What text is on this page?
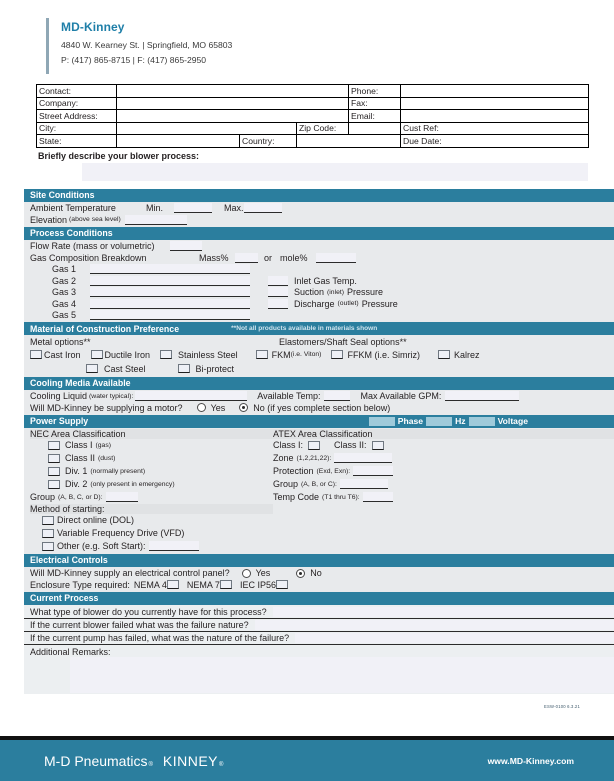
MD-Kinney
4840 W. Kearney St. | Springfield, MO 65803
P: (417) 865-8715 | F: (417) 865-2950
Contact:				Phone:		
Company:				Fax:		
Street Address:				Email:		
City:			Zip Code:		Cust Ref:	
State:		Country:			Due Date:	
Briefly describe your blower process:
Site Conditions
Ambient Temperature	Min.	Max.
Elevation (above sea level)
Process Conditions
Flow Rate (mass or volumetric)
Gas Composition Breakdown	Mass%	or mole%
Gas 1
Gas 2	Inlet Gas Temp.
Gas 3	Suction (inlet) Pressure
Gas 4	Discharge (outlet) Pressure
Gas 5
Material of Construction Preference	**Not all products available in materials shown
Metal options**	Elastomers/Shaft Seal options**
Cast Iron	Ductile Iron	Stainless Steel	FKM (i.e. Viton)	FFKM (i.e. Simriz)	Kalrez
Cast Steel	Bi-protect
Cooling Media Available
Cooling Liquid (water typical):	Available Temp:	Max Available GPM:
Will MD-Kinney be supplying a motor?	Yes	No (if yes complete section below)
Power Supply	Phase	Hz	Voltage
NEC Area Classification
Class I (gas)
Class II (dust)
Div. 1 (normally present)
Div. 2 (only present in emergency)
Group (A, B, C, or D):
Method of starting:
Direct online (DOL)
Variable Frequency Drive (VFD)
Other (e.g. Soft Start):
ATEX Area Classification
Class I:	Class II:
Zone (1,2,21,22):
Protection (Exd, Exn):
Group (A, B, or C):
Temp Code (T1 thru T6):
Electrical Controls
Will MD-Kinney supply an electrical control panel?	Yes	No
Enclosure Type required: NEMA 4 NEMA 7 IEC IP56
Current Process
What type of blower do you currently have for this process?
If the current blower failed what was the failure nature?
If the current pump has failed, what was the nature of the failure?
Additional Remarks:
ESW-0100 6.3.21
M-D Pneumatics ® KINNEY ®	www.MD-Kinney.com
